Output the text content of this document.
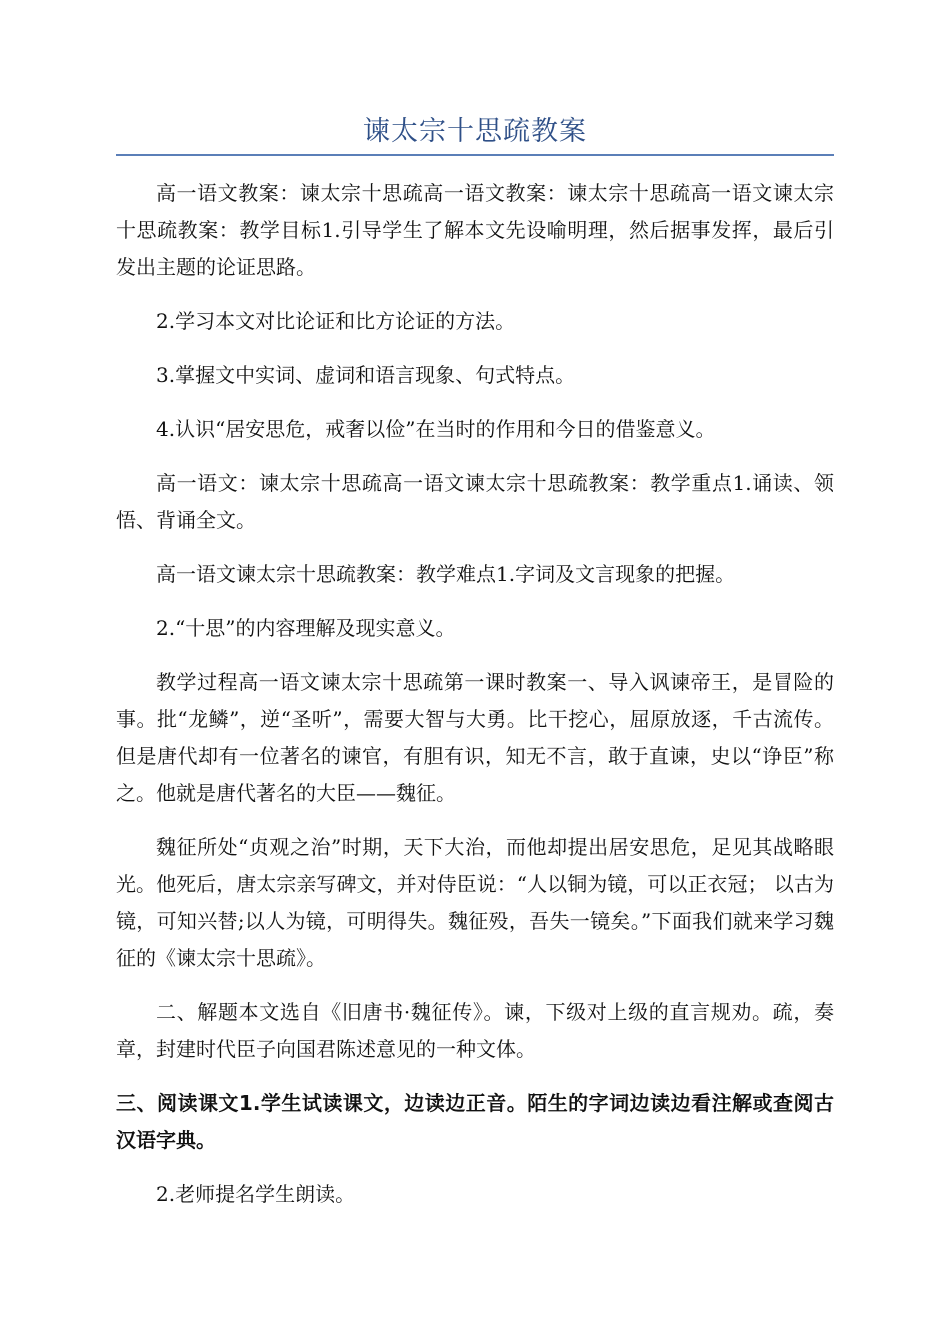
谏太宗十思疏教案

高一语文教案：谏太宗十思疏高一语文教案：谏太宗十思疏高一语文谏太宗十思疏教案：教学目标1.引导学生了解本文先设喻明理，然后据事发挥，最后引发出主题的论证思路。

2.学习本文对比论证和比方论证的方法。

3.掌握文中实词、虚词和语言现象、句式特点。

4.认识“居安思危，戒奢以俭”在当时的作用和今日的借鉴意义。

高一语文：谏太宗十思疏高一语文谏太宗十思疏教案：教学重点1.诵读、领悟、背诵全文。

高一语文谏太宗十思疏教案：教学难点1.字词及文言现象的把握。

2.“十思”的内容理解及现实意义。

教学过程高一语文谏太宗十思疏第一课时教案一、导入讽谏帝王，是冒险的事。批“龙鳞”，逆“圣听”，需要大智与大勇。比干挖心，屈原放逐，千古流传。但是唐代却有一位著名的谏官，有胆有识，知无不言，敢于直谏，史以“诤臣”称之。他就是唐代著名的大臣——魏征。

魏征所处“贞观之治”时期，天下大治，而他却提出居安思危，足见其战略眼光。他死后，唐太宗亲写碑文，并对侍臣说：“人以铜为镜，可以正衣冠； 以古为镜，可知兴替;以人为镜，可明得失。魏征殁，吾失一镜矣。”下面我们就来学习魏征的《谏太宗十思疏》。

二、解题本文选自《旧唐书·魏征传》。谏，下级对上级的直言规劝。疏，奏章，封建时代臣子向国君陈述意见的一种文体。

三、阅读课文1.学生试读课文，边读边正音。陌生的字词边读边看注解或查阅古汉语字典。

2.老师提名学生朗读。
